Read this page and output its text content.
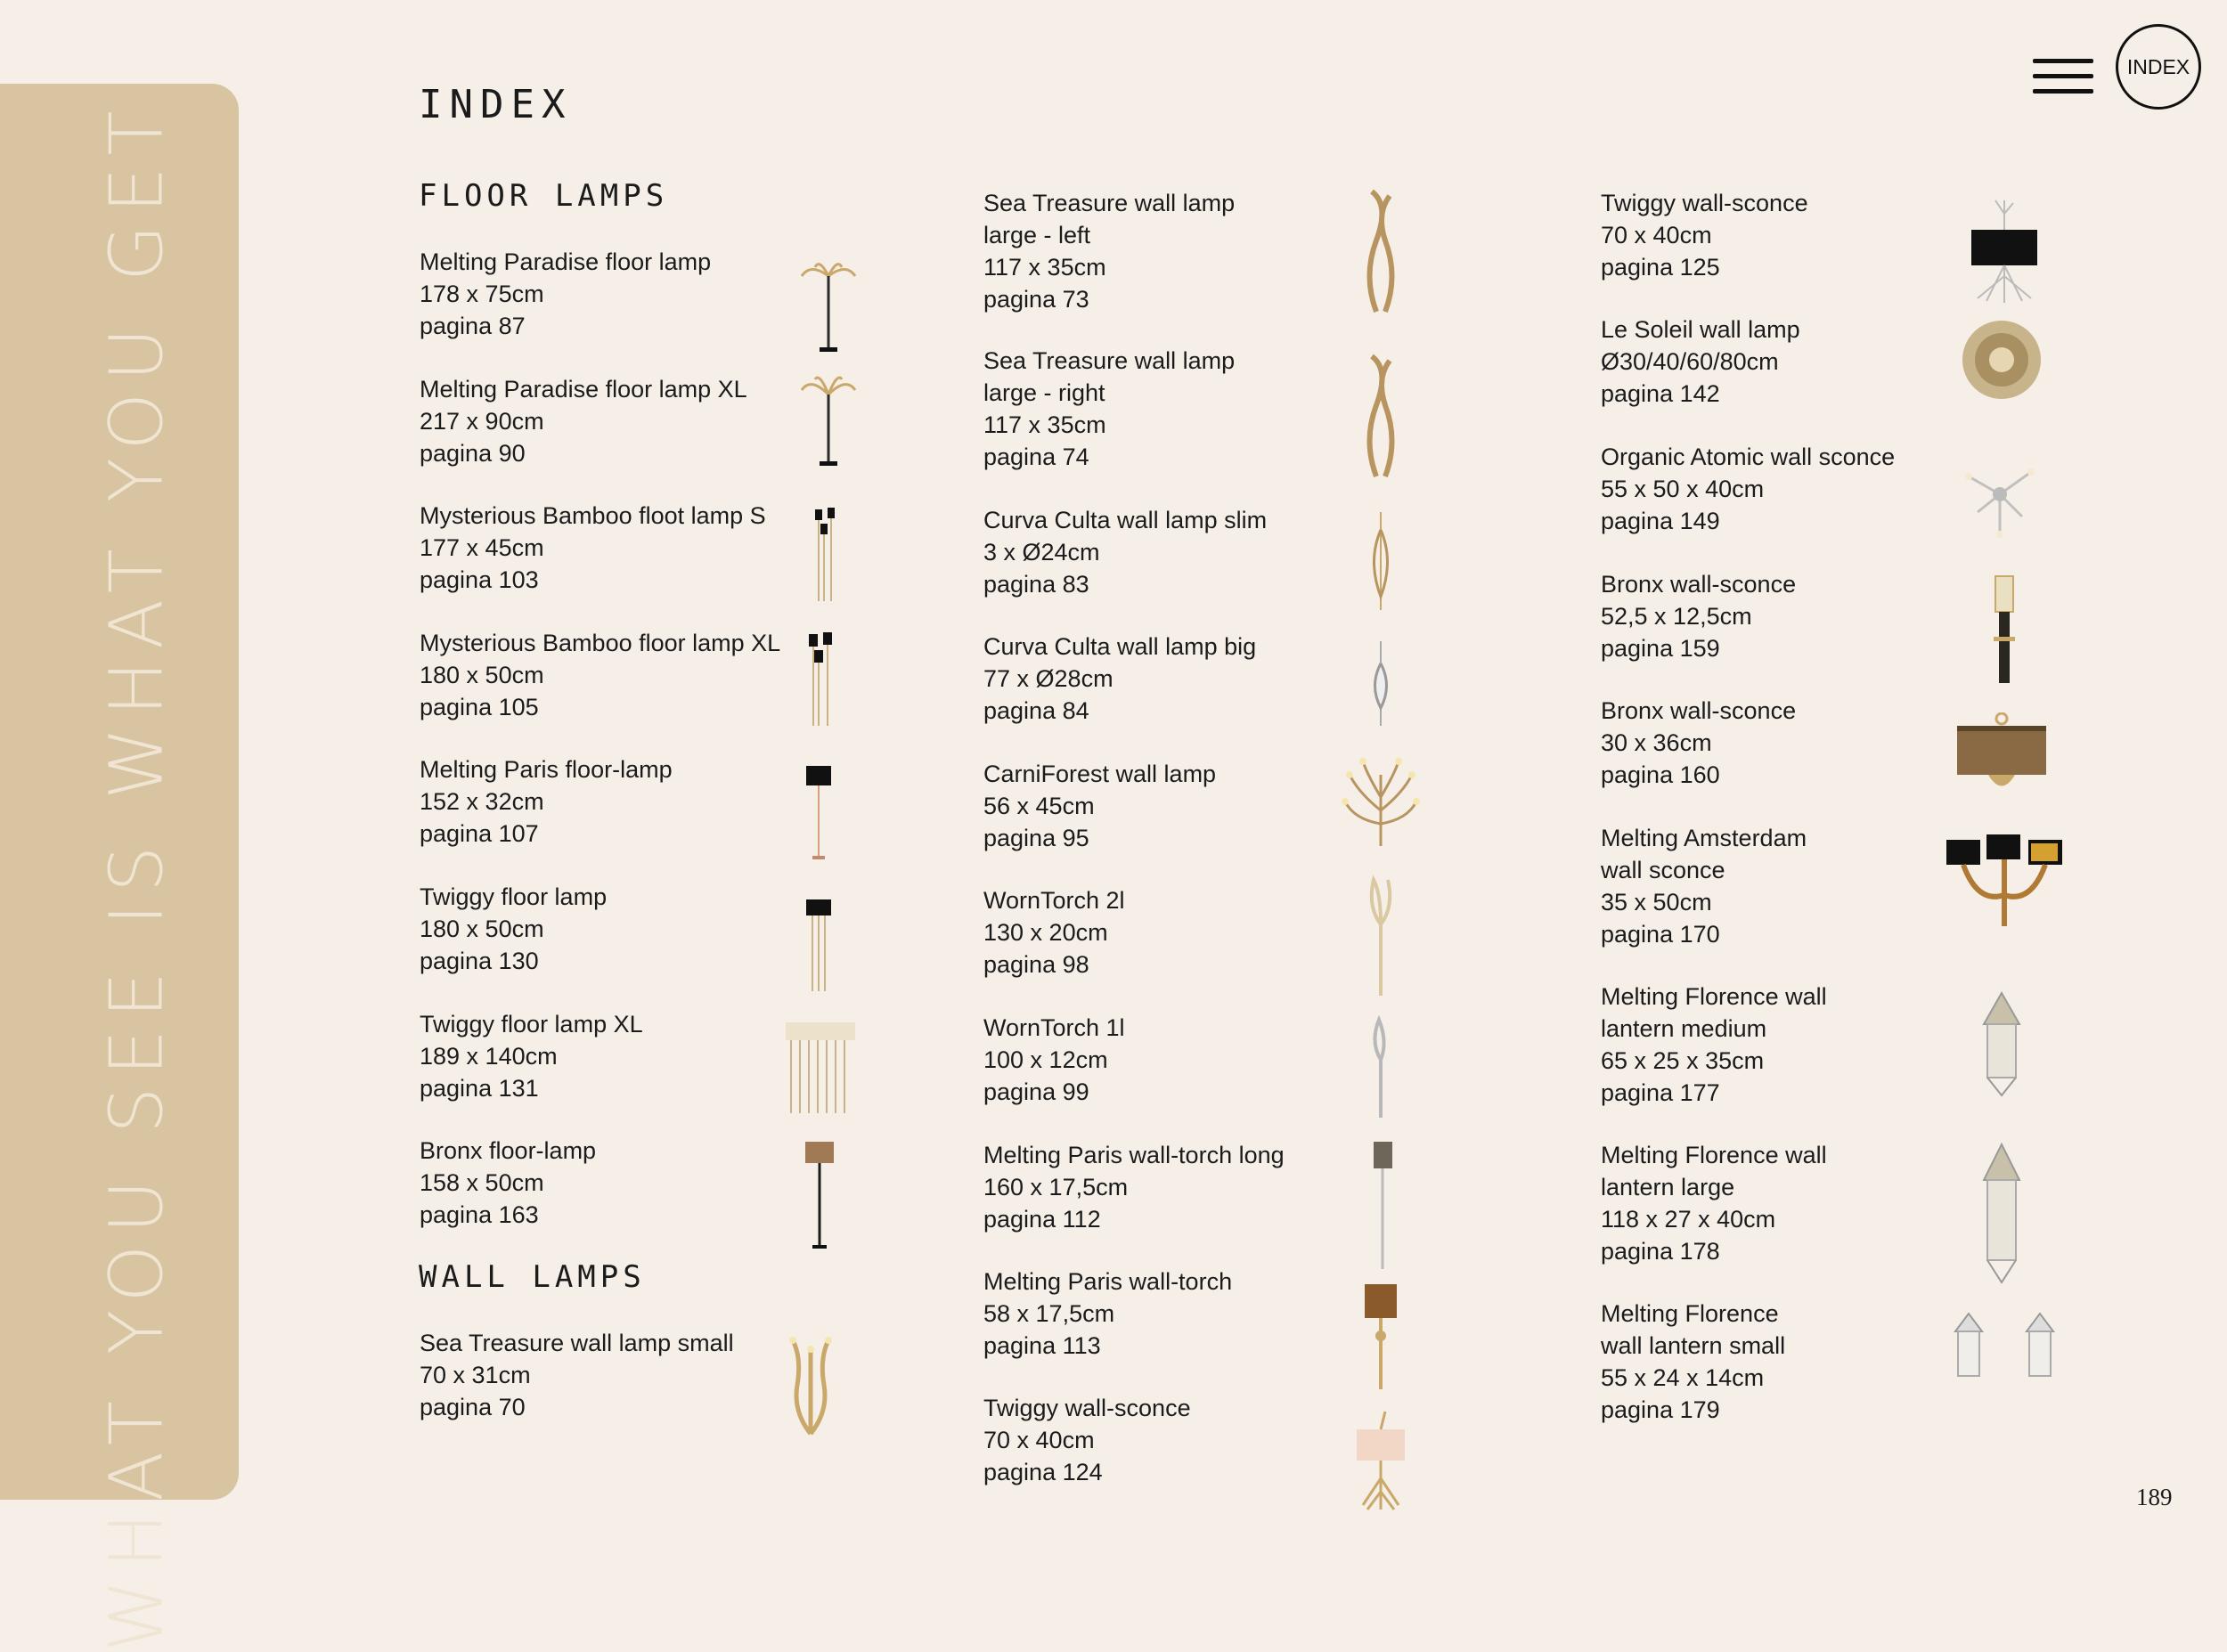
WHAT YOU SEE IS WHAT YOU GET	INDEX
INDEX
FLOOR LAMPS
WALL LAMPS
Melting Paradise floor lamp
178 x 75cm
pagina 87
Melting Paradise floor lamp XL
217 x 90cm
pagina 90
Mysterious Bamboo floot lamp S
177 x 45cm
pagina 103
Mysterious Bamboo floor lamp XL
180 x 50cm
pagina 105
Melting Paris floor-lamp
152 x 32cm
pagina 107
Twiggy floor lamp
180 x 50cm
pagina 130
Twiggy floor lamp XL
189 x 140cm
pagina 131
Bronx floor-lamp
158 x 50cm
pagina 163
Sea Treasure wall lamp small
70 x 31cm
pagina 70
Sea Treasure wall lamp
large - left
117 x 35cm
pagina 73
Sea Treasure wall lamp
large - right
117 x 35cm
pagina 74
Curva Culta wall lamp slim
3 x Ø24cm
pagina 83
Curva Culta wall lamp big
77 x Ø28cm
pagina 84
CarniForest wall lamp
56 x 45cm
pagina 95
WornTorch 2l
130 x 20cm
pagina 98
WornTorch 1l
100 x 12cm
pagina 99
Melting Paris wall-torch long
160 x 17,5cm
pagina 112
Melting Paris wall-torch
58 x 17,5cm
pagina 113
Twiggy wall-sconce
70 x 40cm
pagina 124
Twiggy wall-sconce
70 x 40cm
pagina 125
Le Soleil wall lamp
Ø30/40/60/80cm
pagina 142
Organic Atomic wall sconce
55 x 50 x 40cm
pagina 149
Bronx wall-sconce
52,5 x 12,5cm
pagina 159
Bronx wall-sconce
30 x 36cm
pagina 160
Melting Amsterdam
wall sconce
35 x 50cm
pagina 170
Melting Florence wall
lantern medium
65 x 25 x 35cm
pagina 177
Melting Florence wall
lantern large
118 x 27 x 40cm
pagina 178
Melting Florence
wall lantern small
55 x 24 x 14cm
pagina 179
189
